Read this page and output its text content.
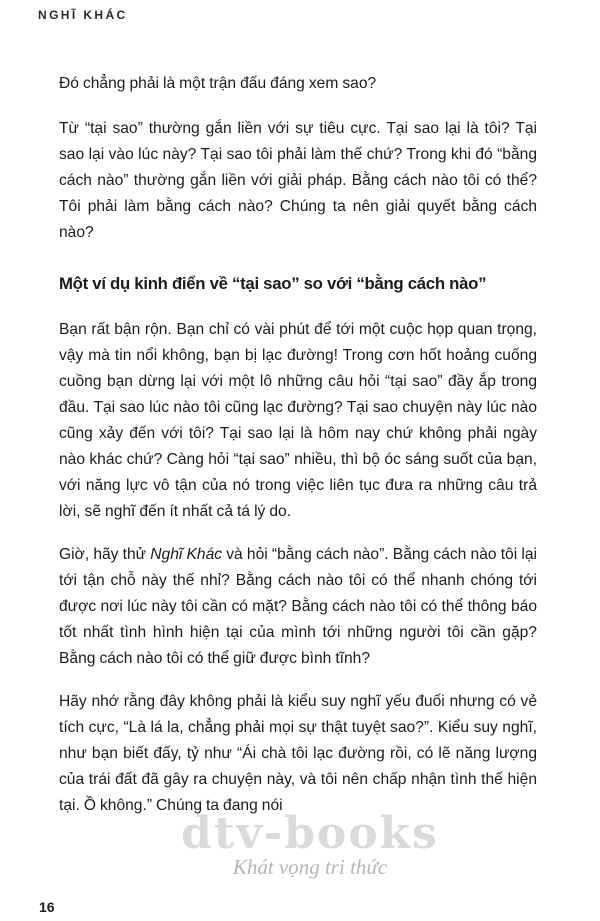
NGHĨ KHÁC

Đó chẳng phải là một trận đấu đáng xem sao?

Từ “tại sao” thường gắn liền với sự tiêu cực. Tại sao lại là tôi? Tại sao lại vào lúc này? Tại sao tôi phải làm thế chứ? Trong khi đó “bằng cách nào” thường gắn liền với giải pháp. Bằng cách nào tôi có thể? Tôi phải làm bằng cách nào? Chúng ta nên giải quyết bằng cách nào?

Một ví dụ kinh điển về “tại sao” so với “bằng cách nào”

Bạn rất bận rộn. Bạn chỉ có vài phút để tới một cuộc họp quan trọng, vậy mà tin nổi không, bạn bị lạc đường! Trong cơn hốt hoảng cuống cuồng bạn dừng lại với một lô những câu hỏi “tại sao” đầy ắp trong đầu. Tại sao lúc nào tôi cũng lạc đường? Tại sao chuyện này lúc nào cũng xảy đến với tôi? Tại sao lại là hôm nay chứ không phải ngày nào khác chứ? Càng hỏi “tại sao” nhiều, thì bộ óc sáng suốt của bạn, với năng lực vô tận của nó trong việc liên tục đưa ra những câu trả lời, sẽ nghĩ đến ít nhất cả tá lý do.

Giờ, hãy thử Nghĩ Khác và hỏi “bằng cách nào”. Bằng cách nào tôi lại tới tận chỗ này thế nhỉ? Bằng cách nào tôi có thể nhanh chóng tới được nơi lúc này tôi cần có mặt? Bằng cách nào tôi có thể thông báo tốt nhất tình hình hiện tại của mình tới những người tôi cần gặp? Bằng cách nào tôi có thể giữ được bình tĩnh?

Hãy nhớ rằng đây không phải là kiểu suy nghĩ yếu đuối nhưng có vẻ tích cực, “Là lá la, chẳng phải mọi sự thật tuyệt sao?”. Kiểu suy nghĩ, như bạn biết đấy, tỷ như “Ái chà tôi lạc đường rồi, có lẽ năng lượng của trái đất đã gây ra chuyện này, và tôi nên chấp nhận tình thế hiện tại. Ồ không.” Chúng ta đang nói

dtv-books
Khát vọng tri thức
16
